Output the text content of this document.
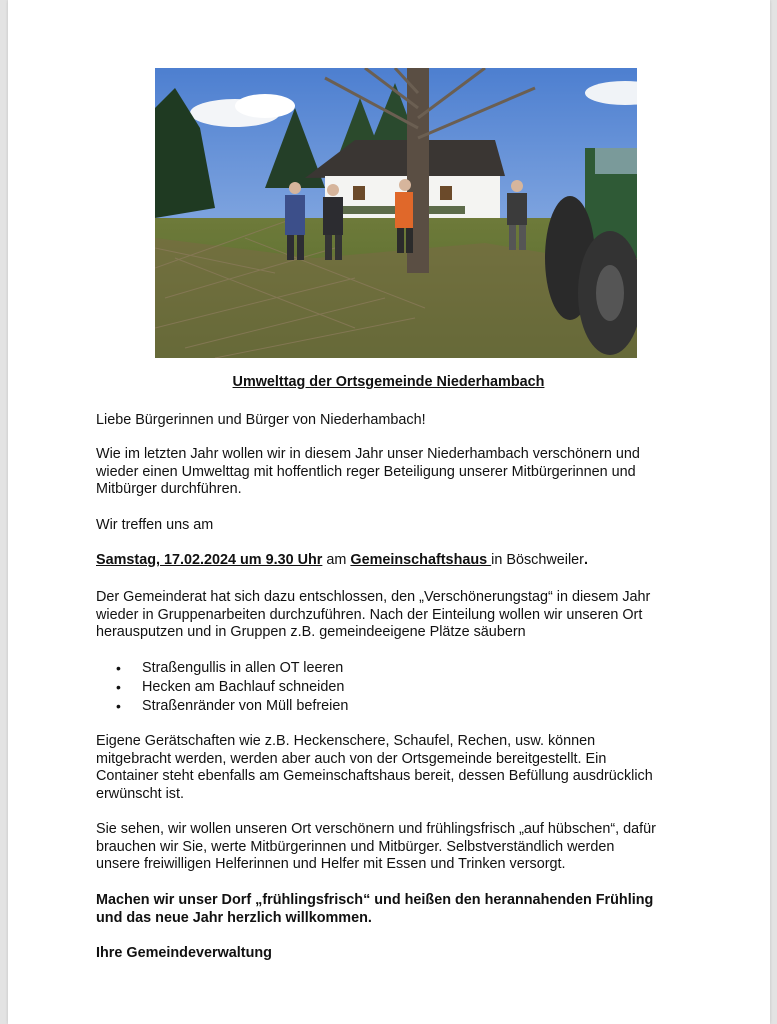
Umwelttag der Ortsgemeinde Niederhambach
Liebe Bürgerinnen und Bürger von Niederhambach!
Wie im letzten Jahr wollen wir in diesem Jahr unser Niederhambach verschönern und wieder einen Umwelttag mit hoffentlich reger Beteiligung unserer Mitbürgerinnen und Mitbürger durchführen.
Wir treffen uns am
Samstag, 17.02.2024 um 9.30 Uhr am Gemeinschaftshaus in Böschweiler.
Der Gemeinderat hat sich dazu entschlossen, den „Verschönerungstag“ in diesem Jahr wieder in Gruppenarbeiten durchzuführen. Nach der Einteilung wollen wir unseren Ort herausputzen und in Gruppen z.B. gemeindeeigene Plätze säubern
• Straßengullis in allen OT leeren
• Hecken am Bachlauf schneiden
• Straßenränder von Müll befreien
Eigene Gerätschaften wie z.B. Heckenschere, Schaufel, Rechen, usw. können mitgebracht werden, werden aber auch von der Ortsgemeinde bereitgestellt. Ein Container steht ebenfalls am Gemeinschaftshaus bereit, dessen Befüllung ausdrücklich erwünscht ist.
Sie sehen, wir wollen unseren Ort verschönern und frühlingsfrisch „auf hübschen“, dafür brauchen wir Sie, werte Mitbürgerinnen und Mitbürger. Selbstverständlich werden unsere freiwilligen Helferinnen und Helfer mit Essen und Trinken versorgt.
Machen wir unser Dorf „frühlingsfrisch“ und heißen den herannahenden Frühling und das neue Jahr herzlich willkommen.
Ihre Gemeindeverwaltung
